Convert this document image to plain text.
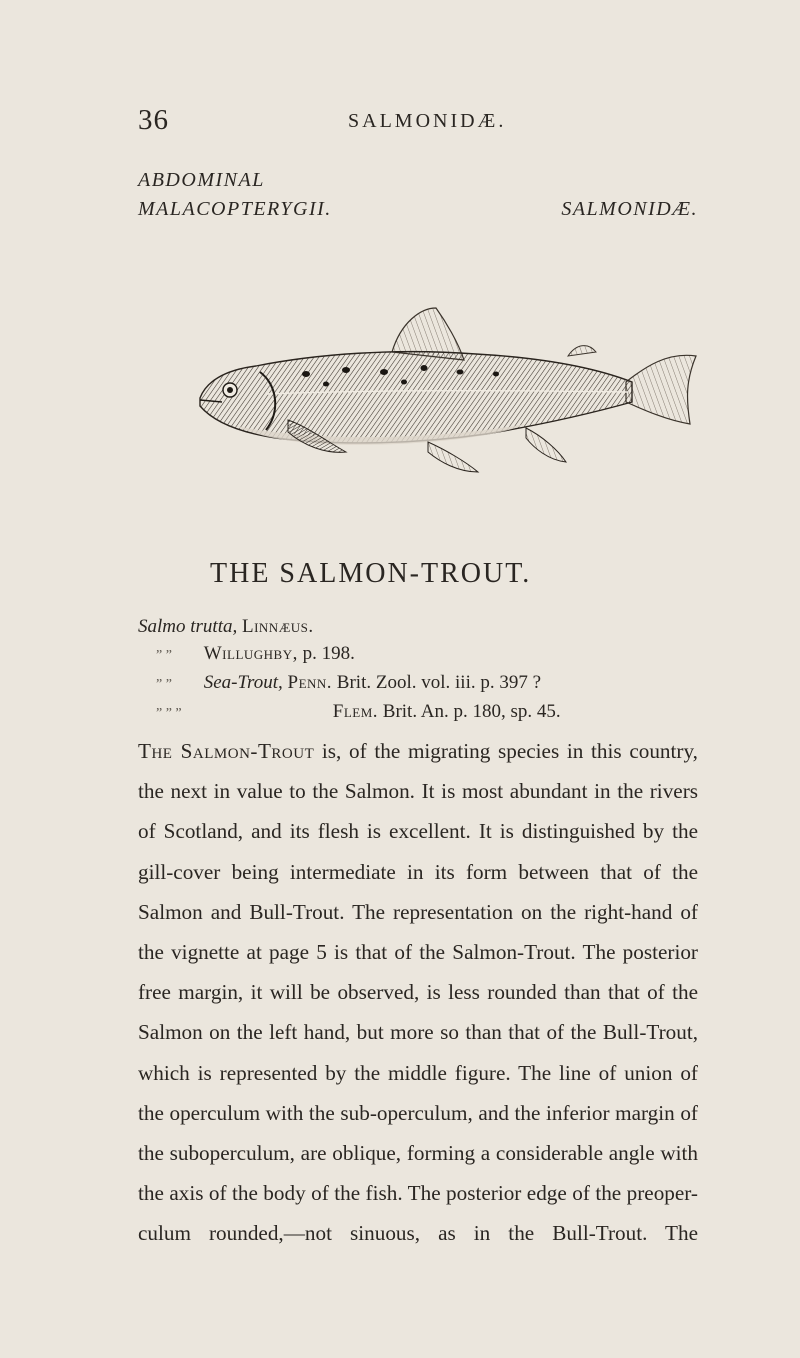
36	SALMONIDÆ.
ABDOMINAL
MALACOPTERYGII.	SALMONIDÆ.
THE SALMON-TROUT.
Salmo trutta, Linnæus.
” ” Willughby, p. 198.
” ” Sea-Trout, Penn. Brit. Zool. vol. iii. p. 397 ?
” ” ”	Flem. Brit. An. p. 180, sp. 45.
The Salmon-Trout is, of the migrating species in this country, the next in value to the Salmon. It is most abundant in the rivers of Scotland, and its flesh is excellent. It is distinguished by the gill-cover being intermediate in its form between that of the Salmon and Bull-Trout. The representation on the right-hand of the vignette at page 5 is that of the Salmon-Trout. The posterior free margin, it will be observed, is less rounded than that of the Salmon on the left hand, but more so than that of the Bull-Trout, which is represented by the middle figure. The line of union of the operculum with the sub-operculum, and the inferior margin of the suboperculum, are oblique, forming a considerable angle with the axis of the body of the fish. The posterior edge of the preoper-culum rounded,—not sinuous, as in the Bull-Trout. The
